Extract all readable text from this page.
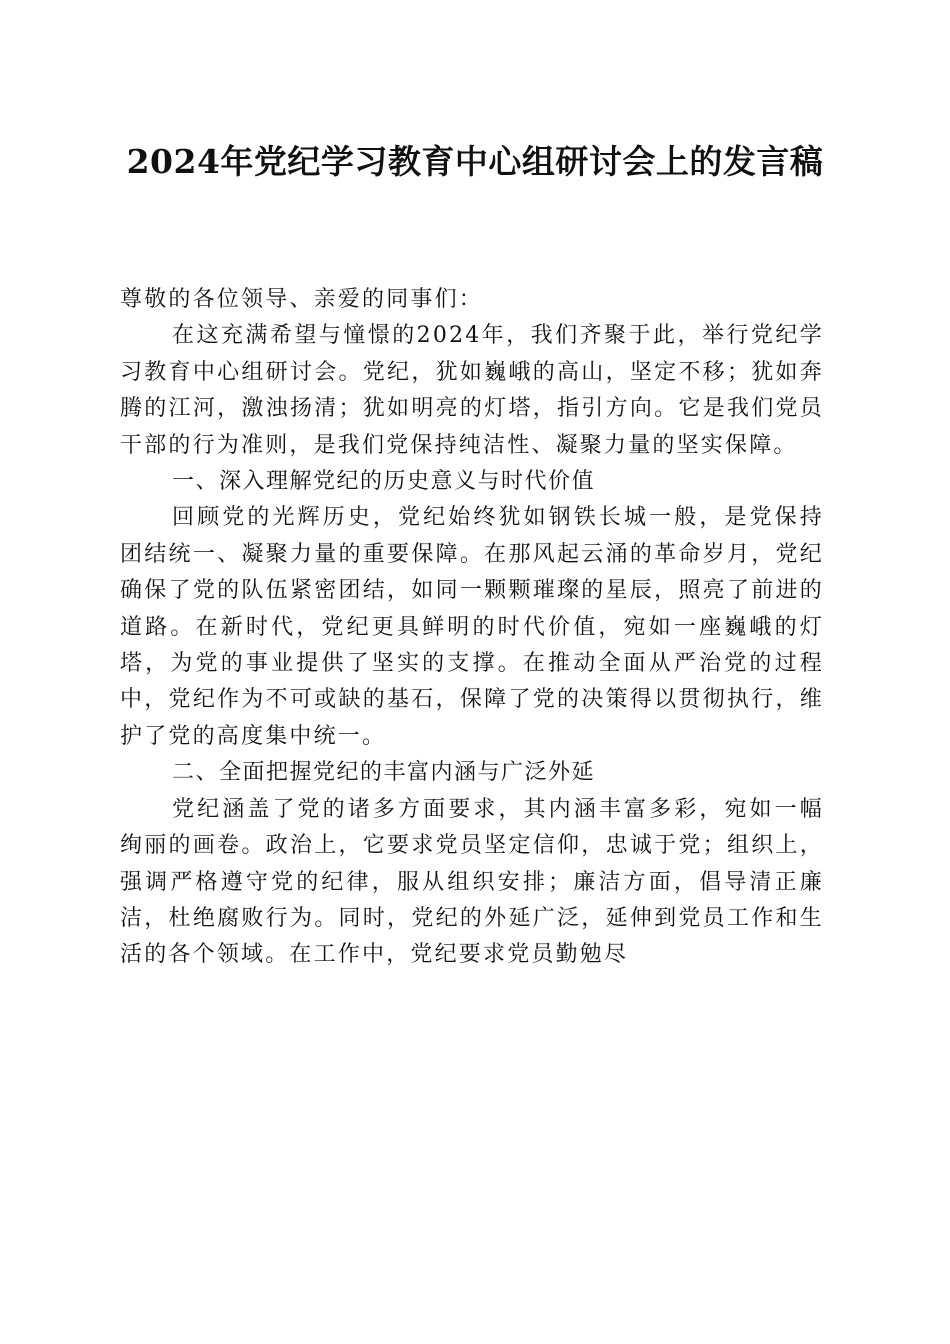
2024年党纪学习教育中心组研讨会上的发言稿

尊敬的各位领导、亲爱的同事们：

在这充满希望与憧憬的2024年，我们齐聚于此，举行党纪学习教育中心组研讨会。党纪，犹如巍峨的高山，坚定不移；犹如奔腾的江河，激浊扬清；犹如明亮的灯塔，指引方向。它是我们党员干部的行为准则，是我们党保持纯洁性、凝聚力量的坚实保障。

一、深入理解党纪的历史意义与时代价值

回顾党的光辉历史，党纪始终犹如钢铁长城一般，是党保持团结统一、凝聚力量的重要保障。在那风起云涌的革命岁月，党纪确保了党的队伍紧密团结，如同一颗颗璀璨的星辰，照亮了前进的道路。在新时代，党纪更具鲜明的时代价值，宛如一座巍峨的灯塔，为党的事业提供了坚实的支撑。在推动全面从严治党的过程中，党纪作为不可或缺的基石，保障了党的决策得以贯彻执行，维护了党的高度集中统一。

二、全面把握党纪的丰富内涵与广泛外延

党纪涵盖了党的诸多方面要求，其内涵丰富多彩，宛如一幅绚丽的画卷。政治上，它要求党员坚定信仰，忠诚于党；组织上，强调严格遵守党的纪律，服从组织安排；廉洁方面，倡导清正廉洁，杜绝腐败行为。同时，党纪的外延广泛，延伸到党员工作和生活的各个领域。在工作中，党纪要求党员勤勉尽
